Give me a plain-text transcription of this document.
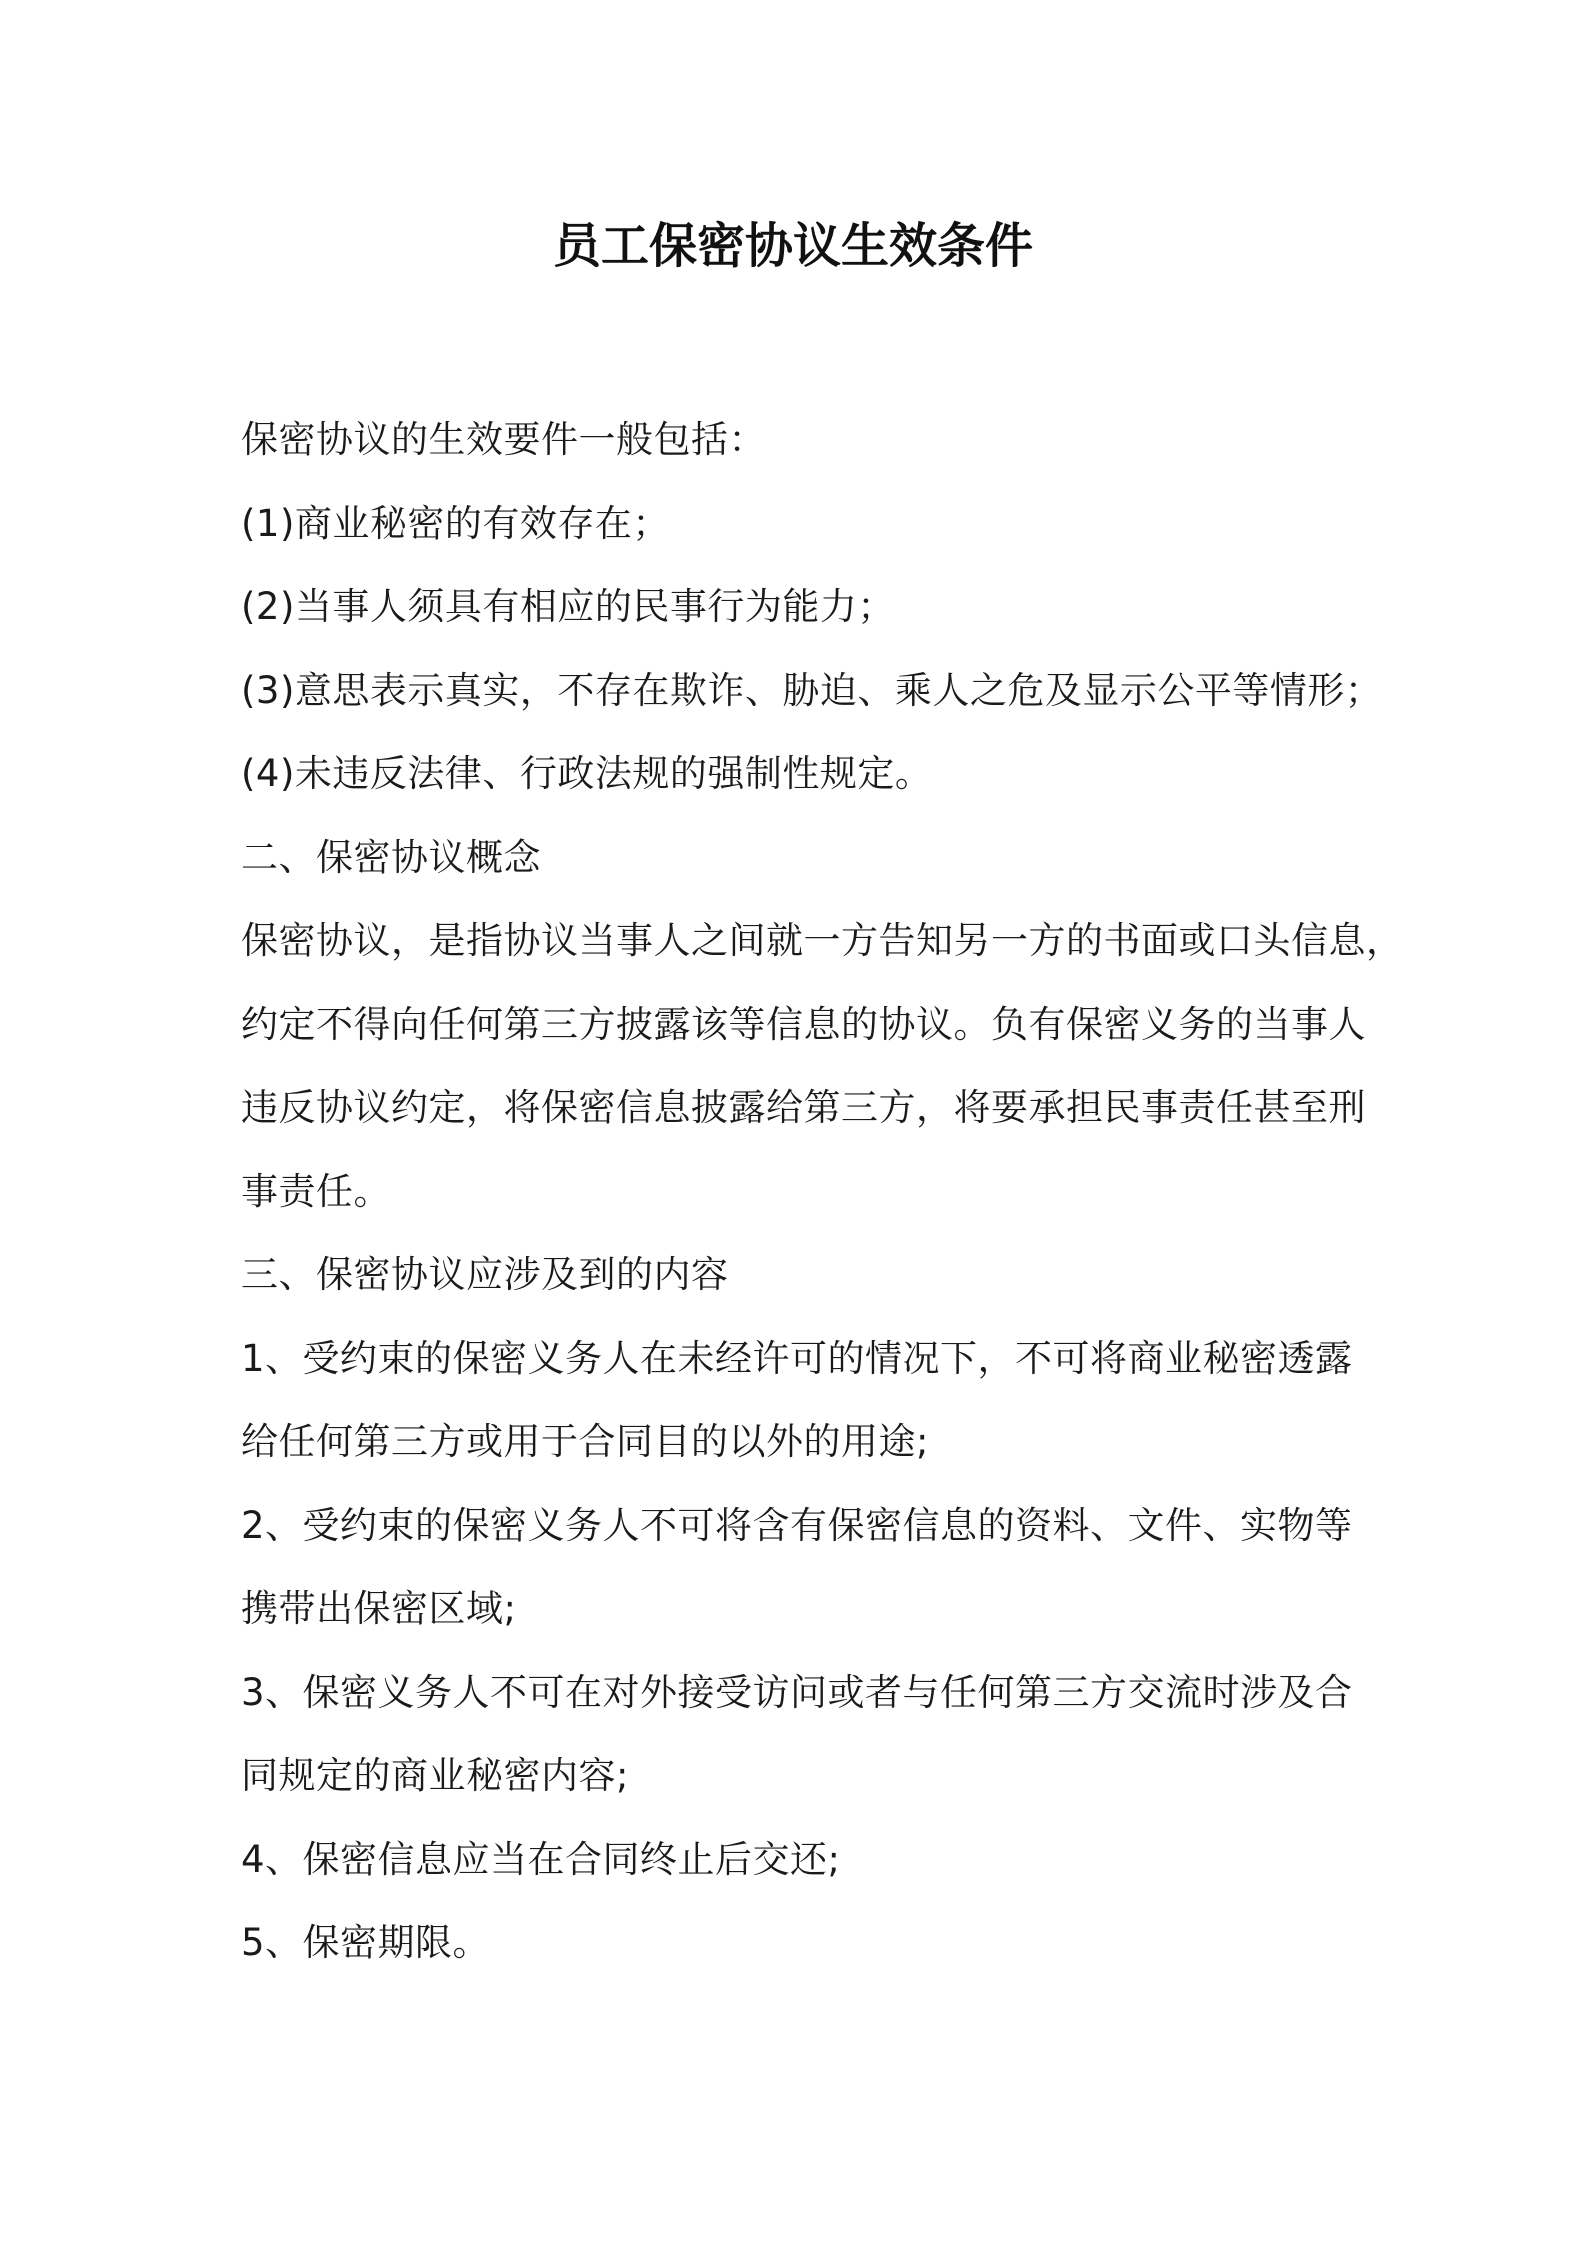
员工保密协议生效条件
保密协议的生效要件一般包括：
(1)商业秘密的有效存在；
(2)当事人须具有相应的民事行为能力；
(3)意思表示真实，不存在欺诈、胁迫、乘人之危及显示公平等情形；
(4)未违反法律、行政法规的强制性规定。
二、保密协议概念
保密协议，是指协议当事人之间就一方告知另一方的书面或口头信息，
约定不得向任何第三方披露该等信息的协议。负有保密义务的当事人
违反协议约定，将保密信息披露给第三方，将要承担民事责任甚至刑
事责任。
三、保密协议应涉及到的内容
1、受约束的保密义务人在未经许可的情况下，不可将商业秘密透露
给任何第三方或用于合同目的以外的用途;
2、受约束的保密义务人不可将含有保密信息的资料、文件、实物等
携带出保密区域;
3、保密义务人不可在对外接受访问或者与任何第三方交流时涉及合
同规定的商业秘密内容;
4、保密信息应当在合同终止后交还;
5、保密期限。
